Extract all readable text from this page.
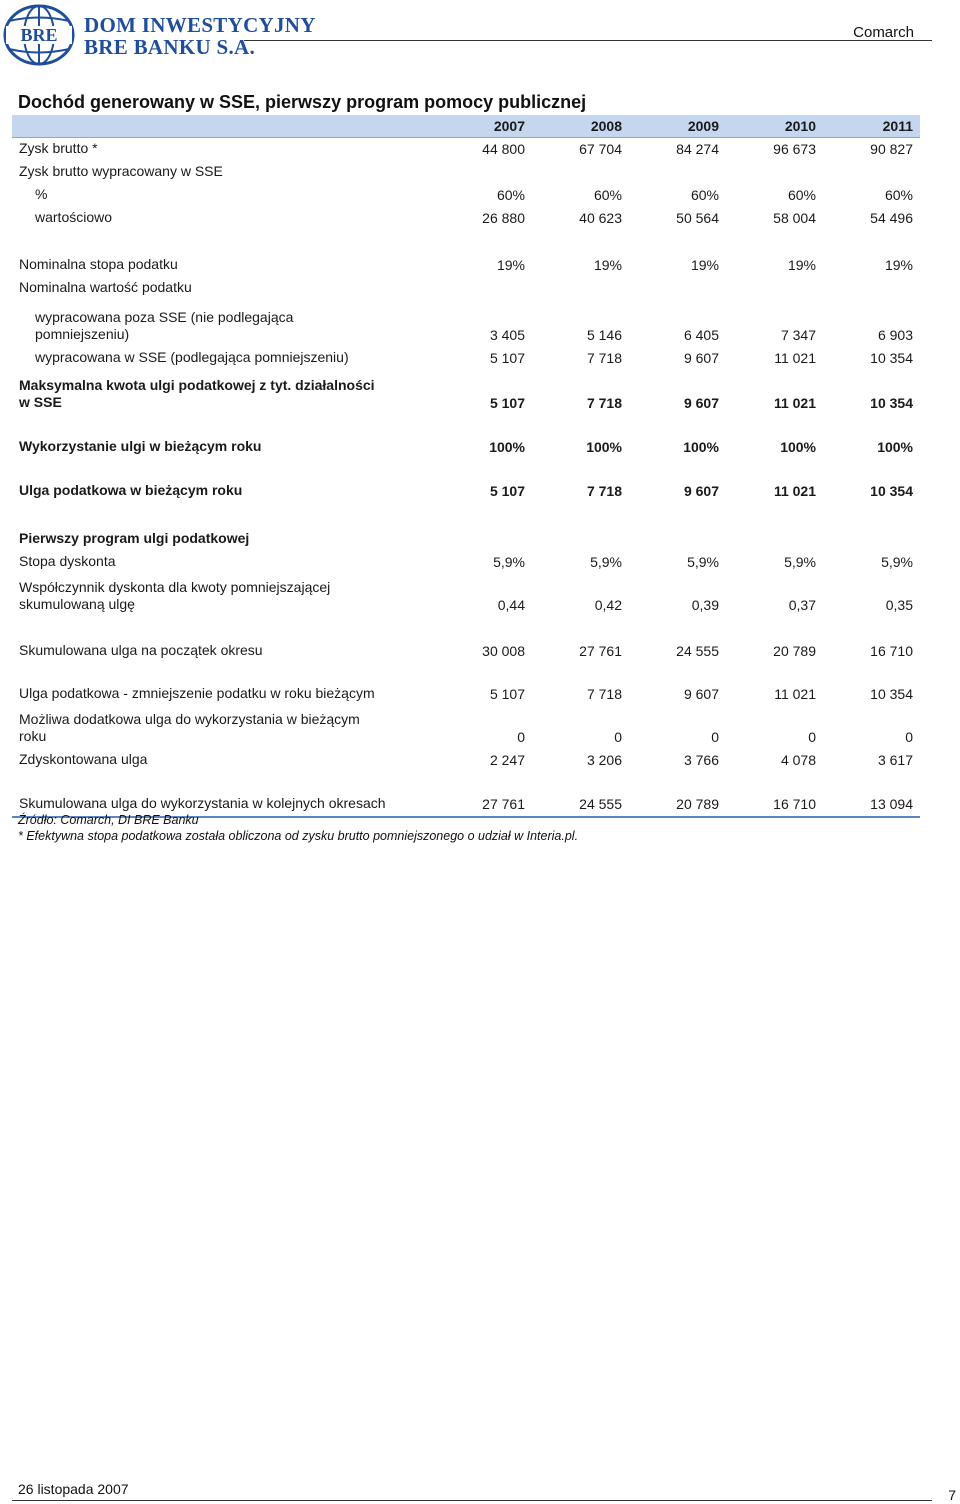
BRE DOM INWESTYCYJNY
BRE BANKU S.A.
Comarch
Dochód generowany w SSE, pierwszy program pomocy publicznej
2007	2008	2009	2010	2011
Zysk brutto *	44 800	67 704	84 274	96 673	90 827
Zysk brutto wypracowany w SSE
%	60%	60%	60%	60%	60%
wartościowo	26 880	40 623	50 564	58 004	54 496
Nominalna stopa podatku	19%	19%	19%	19%	19%
Nominalna wartość podatku
wypracowana poza SSE (nie podlegająca
pomniejszeniu)	3 405	5 146	6 405	7 347	6 903
wypracowana w SSE (podlegająca pomniejszeniu)	5 107	7 718	9 607	11 021	10 354
Maksymalna kwota ulgi podatkowej z tyt. działalności
w SSE	5 107	7 718	9 607	11 021	10 354
Wykorzystanie ulgi w bieżącym roku	100%	100%	100%	100%	100%
Ulga podatkowa w bieżącym roku	5 107	7 718	9 607	11 021	10 354
Pierwszy program ulgi podatkowej
Stopa dyskonta	5,9%	5,9%	5,9%	5,9%	5,9%
Współczynnik dyskonta dla kwoty pomniejszającej
skumulowaną ulgę	0,44	0,42	0,39	0,37	0,35
Skumulowana ulga na początek okresu	30 008	27 761	24 555	20 789	16 710
Ulga podatkowa - zmniejszenie podatku w roku bieżącym	5 107	7 718	9 607	11 021	10 354
Możliwa dodatkowa ulga do wykorzystania w bieżącym
roku	0	0	0	0	0
Zdyskontowana ulga	2 247	3 206	3 766	4 078	3 617
Skumulowana ulga do wykorzystania w kolejnych okresach	27 761	24 555	20 789	16 710	13 094
Źródło: Comarch, DI BRE Banku
* Efektywna stopa podatkowa została obliczona od zysku brutto pomniejszonego o udział w Interia.pl.
26 listopada 2007	7
